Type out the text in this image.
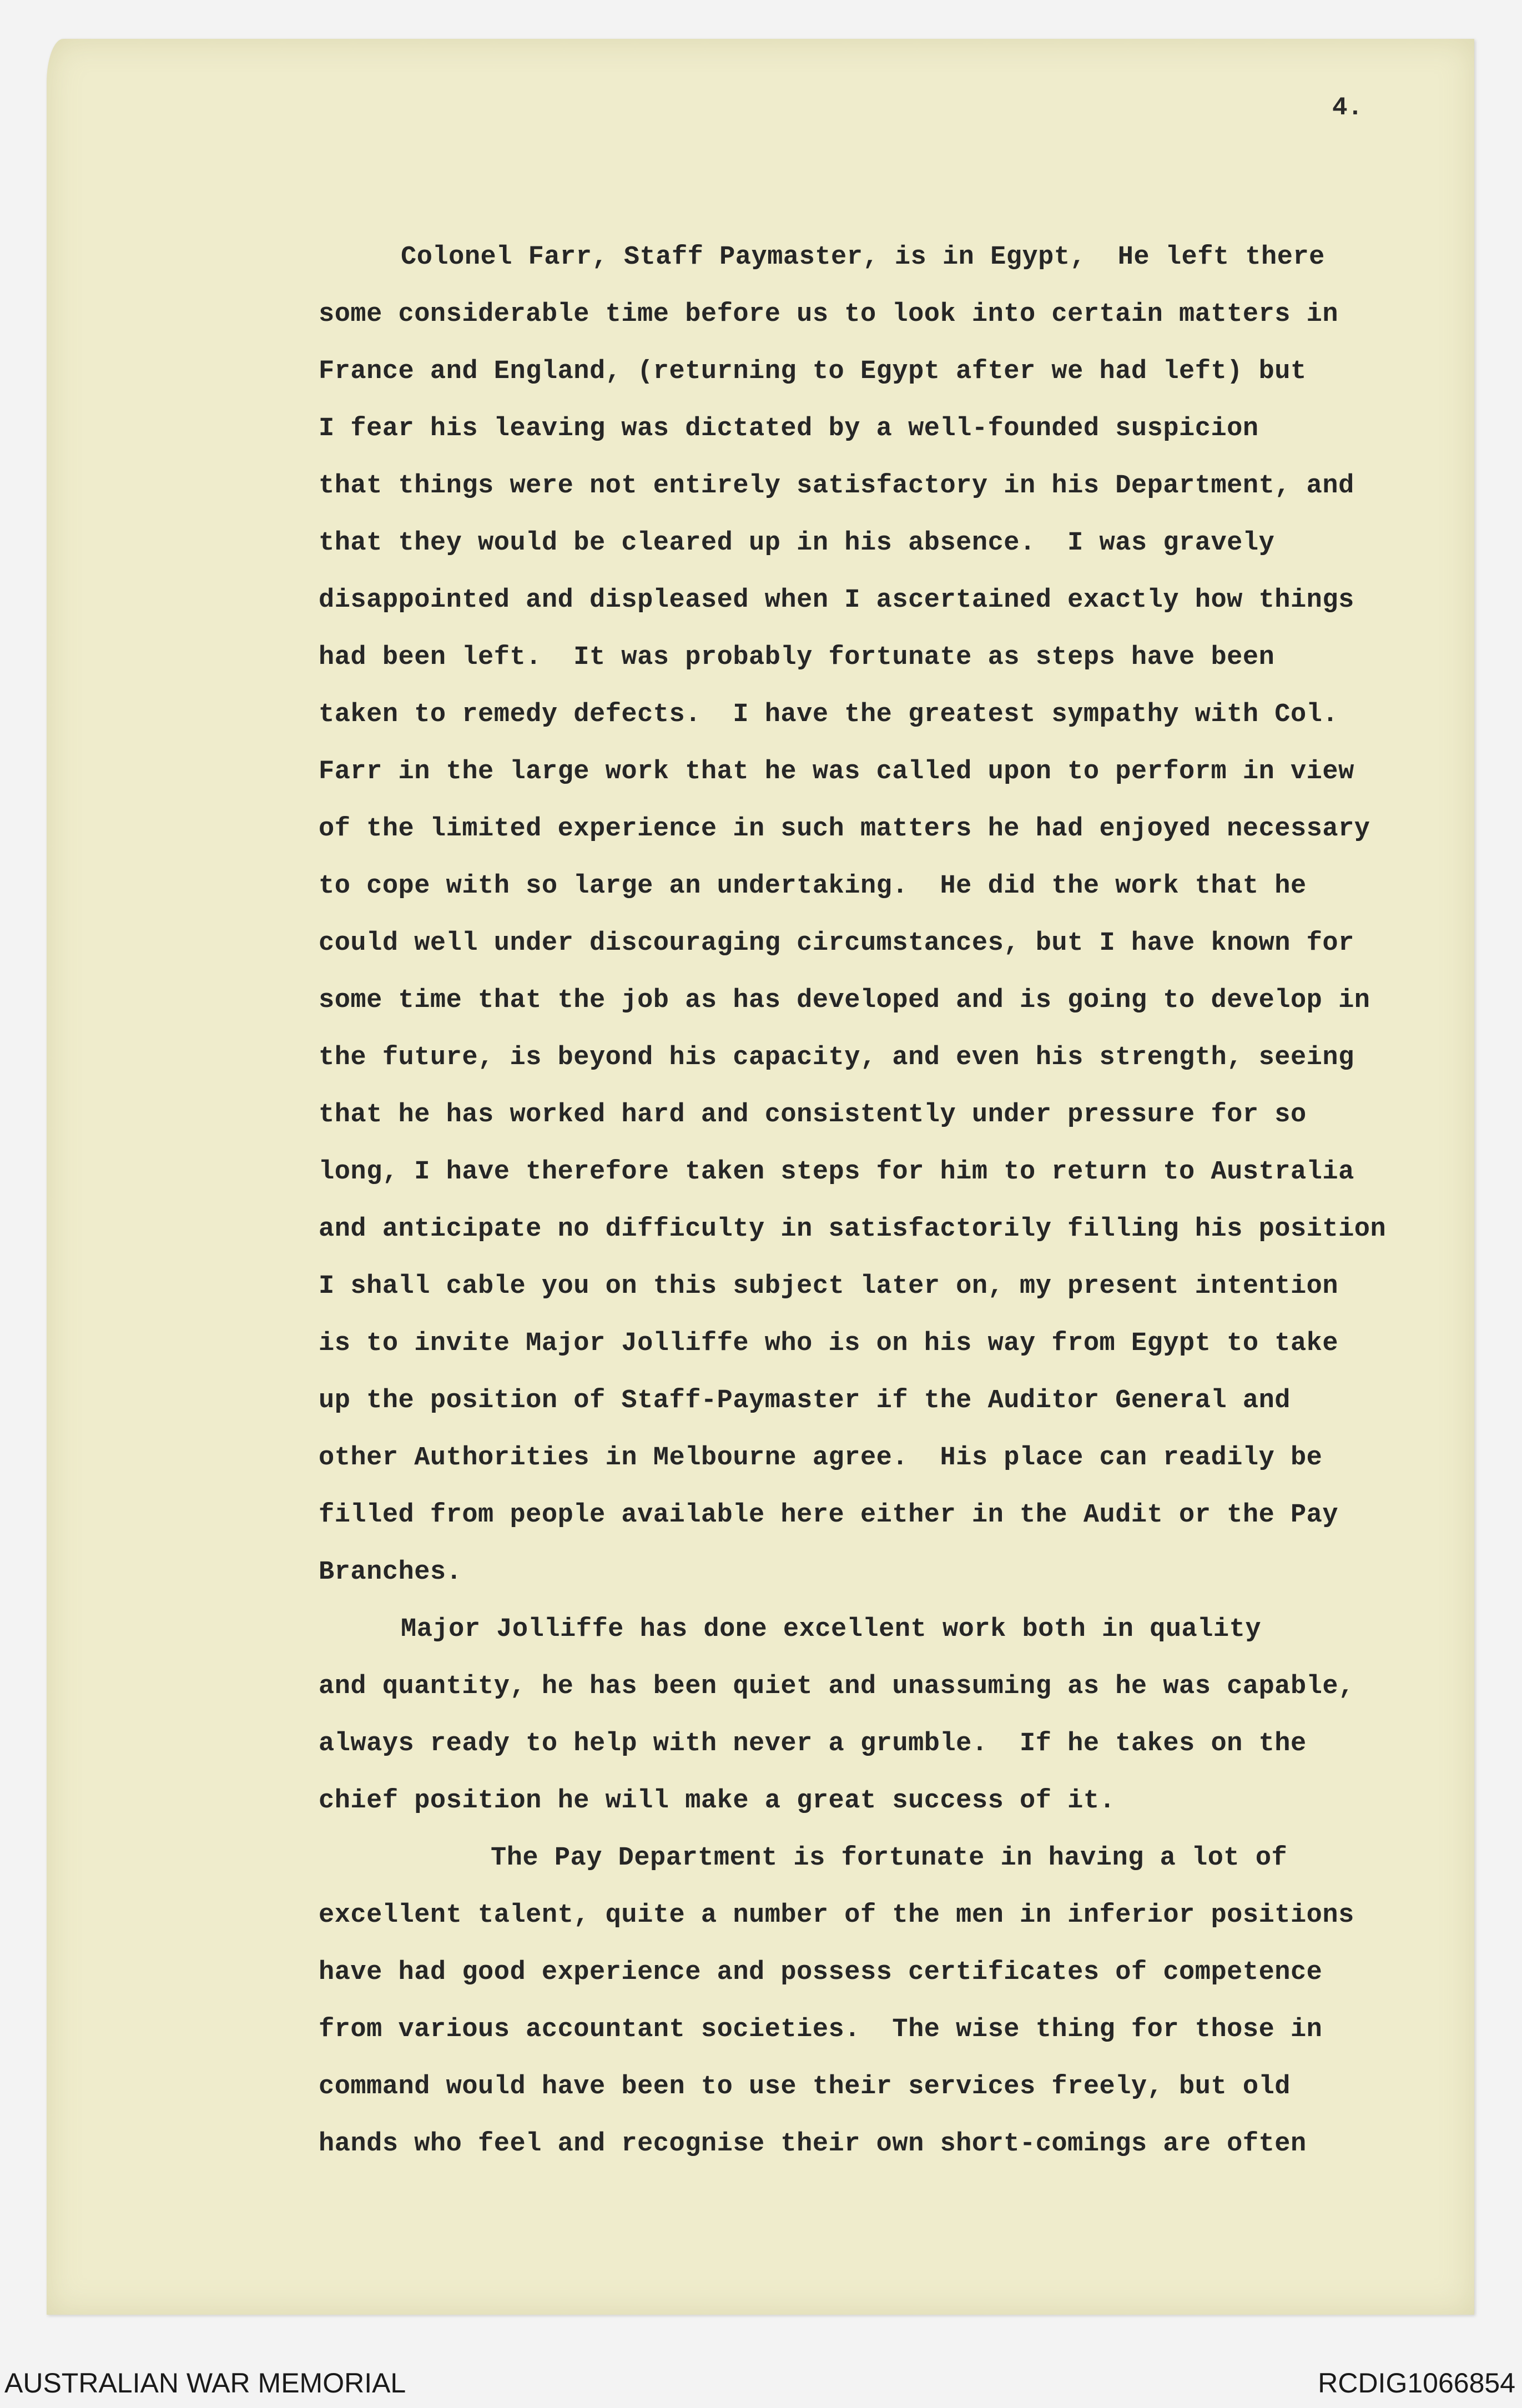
4.
Colonel Farr, Staff Paymaster, is in Egypt,  He left there
some considerable time before us to look into certain matters in
France and England, (returning to Egypt after we had left) but
I fear his leaving was dictated by a well-founded suspicion
that things were not entirely satisfactory in his Department, and
that they would be cleared up in his absence.  I was gravely
disappointed and displeased when I ascertained exactly how things
had been left.  It was probably fortunate as steps have been
taken to remedy defects.  I have the greatest sympathy with Col.
Farr in the large work that he was called upon to perform in view
of the limited experience in such matters he had enjoyed necessary
to cope with so large an undertaking.  He did the work that he
could well under discouraging circumstances, but I have known for
some time that the job as has developed and is going to develop in
the future, is beyond his capacity, and even his strength, seeing
that he has worked hard and consistently under pressure for so
long, I have therefore taken steps for him to return to Australia
and anticipate no difficulty in satisfactorily filling his position
I shall cable you on this subject later on, my present intention
is to invite Major Jolliffe who is on his way from Egypt to take
up the position of Staff-Paymaster if the Auditor General and
other Authorities in Melbourne agree.  His place can readily be
filled from people available here either in the Audit or the Pay
Branches.
Major Jolliffe has done excellent work both in quality
and quantity, he has been quiet and unassuming as he was capable,
always ready to help with never a grumble.  If he takes on the
chief position he will make a great success of it.
The Pay Department is fortunate in having a lot of
excellent talent, quite a number of the men in inferior positions
have had good experience and possess certificates of competence
from various accountant societies.  The wise thing for those in
command would have been to use their services freely, but old
hands who feel and recognise their own short-comings are often
AUSTRALIAN WAR MEMORIAL	RCDIG1066854
